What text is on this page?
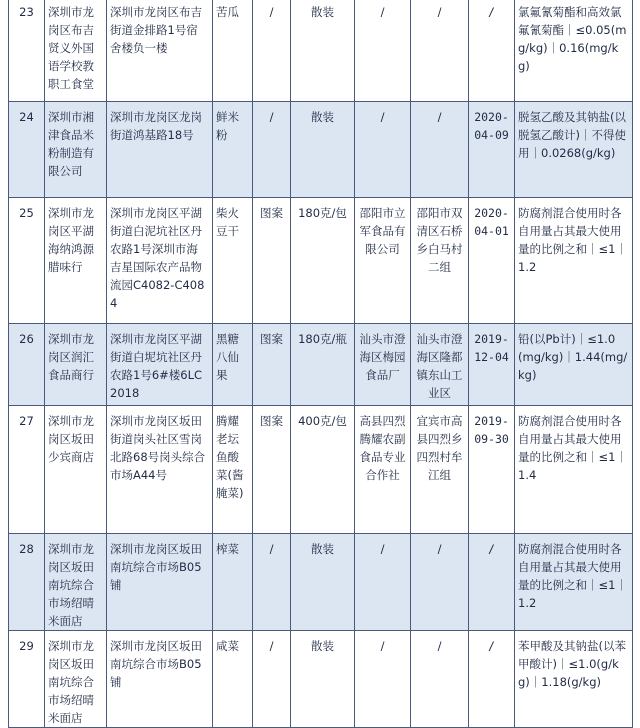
23	深圳市龙岗区布吉贤义外国语学校教职工食堂	深圳市龙岗区布吉街道金排路1号宿舍楼负一楼	苦瓜	/	散装	/	/	/	氯氟氰菊酯和高效氯氟氰菊酯｜≤0.05(mg/kg)｜0.16(mg/kg)
24	深圳市湘津食品米粉制造有限公司	深圳市龙岗区龙岗街道鸿基路18号	鲜米粉	/	散装	/	/	2020-04-09	脱氢乙酸及其钠盐(以脱氢乙酸计)｜不得使用｜0.0268(g/kg)
25	深圳市龙岗区平湖海纳鸿源腊味行	深圳市龙岗区平湖街道白泥坑社区丹农路1号深圳市海吉星国际农产品物流园C4082-C4084	柴火豆干	图案	180克/包	邵阳市立军食品有限公司	邵阳市双清区石桥乡白马村二组	2020-04-01	防腐剂混合使用时各自用量占其最大使用量的比例之和｜≤1｜1.2
26	深圳市龙岗区润汇食品商行	深圳市龙岗区平湖街道白坭坑社区丹农路1号6#楼6LC2018	黑糖八仙果	图案	180克/瓶	汕头市澄海区梅园食品厂	汕头市澄海区隆都镇东山工业区	2019-12-04	铅(以Pb计)｜≤1.0 (mg/kg)｜1.44(mg/kg)
27	深圳市龙岗区坂田少宾商店	深圳市龙岗区坂田街道岗头社区雪岗北路68号岗头综合市场A44号	腾耀老坛鱼酸菜(酱腌菜)	图案	400克/包	高县四烈腾耀农副食品专业合作社	宜宾市高县四烈乡四烈村牟江组	2019-09-30	防腐剂混合使用时各自用量占其最大使用量的比例之和｜≤1｜1.4
28	深圳市龙岗区坂田南坑综合市场绍晴米面店	深圳市龙岗区坂田南坑综合市场B05铺	榨菜	/	散装	/	/	/	防腐剂混合使用时各自用量占其最大使用量的比例之和｜≤1｜1.2
29	深圳市龙岗区坂田南坑综合市场绍晴米面店	深圳市龙岗区坂田南坑综合市场B05铺	咸菜	/	散装	/	/	/	苯甲酸及其钠盐(以苯甲酸计)｜≤1.0(g/kg)｜1.18(g/kg)
